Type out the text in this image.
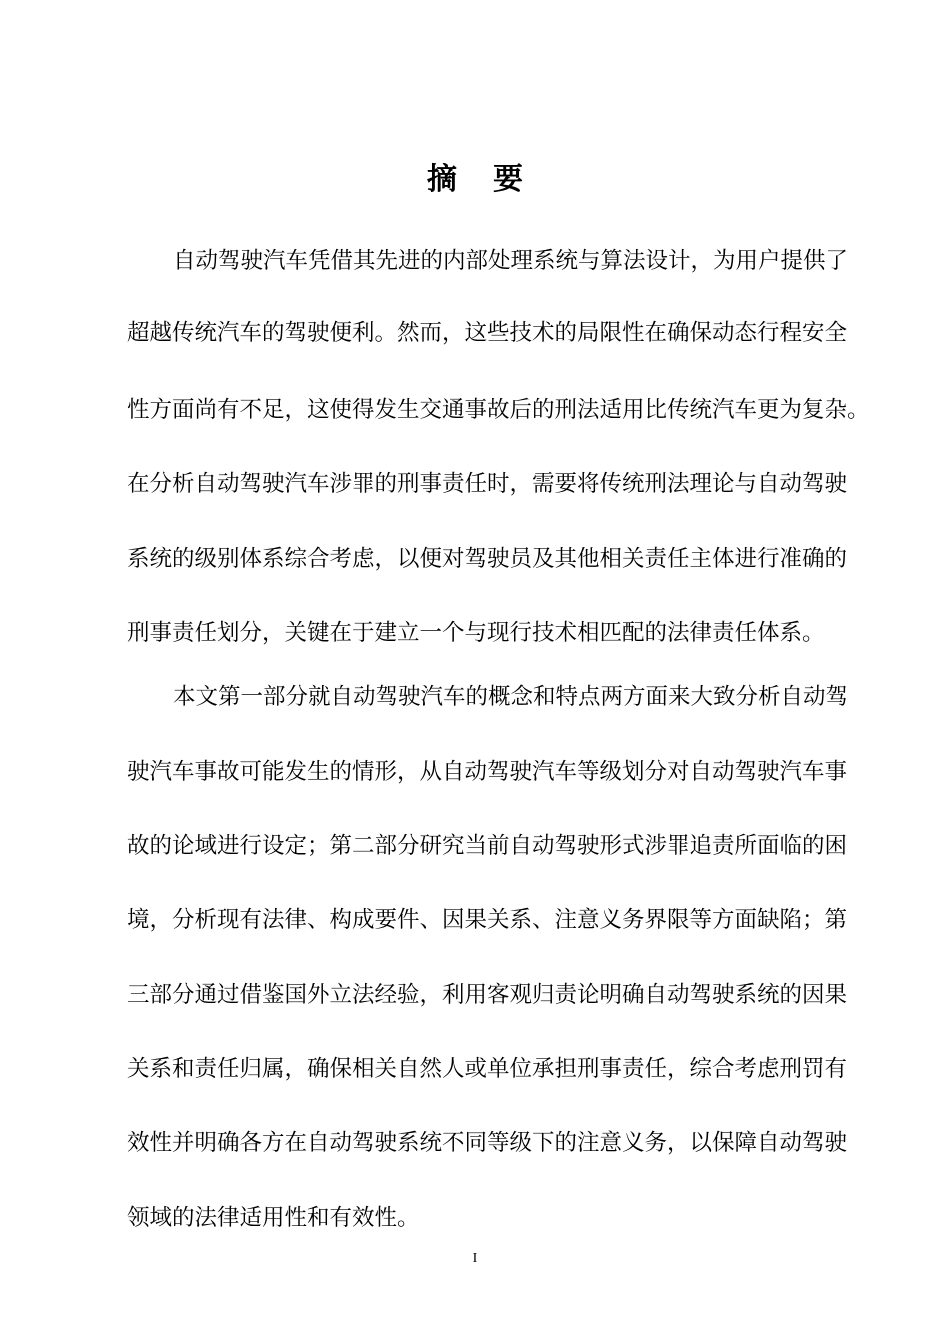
摘要
自动驾驶汽车凭借其先进的内部处理系统与算法设计，为用户提供了
超越传统汽车的驾驶便利。然而，这些技术的局限性在确保动态行程安全
性方面尚有不足，这使得发生交通事故后的刑法适用比传统汽车更为复杂。
在分析自动驾驶汽车涉罪的刑事责任时，需要将传统刑法理论与自动驾驶
系统的级别体系综合考虑，以便对驾驶员及其他相关责任主体进行准确的
刑事责任划分，关键在于建立一个与现行技术相匹配的法律责任体系。
本文第一部分就自动驾驶汽车的概念和特点两方面来大致分析自动驾
驶汽车事故可能发生的情形，从自动驾驶汽车等级划分对自动驾驶汽车事
故的论域进行设定；第二部分研究当前自动驾驶形式涉罪追责所面临的困
境，分析现有法律、构成要件、因果关系、注意义务界限等方面缺陷；第
三部分通过借鉴国外立法经验，利用客观归责论明确自动驾驶系统的因果
关系和责任归属，确保相关自然人或单位承担刑事责任，综合考虑刑罚有
效性并明确各方在自动驾驶系统不同等级下的注意义务，以保障自动驾驶
领域的法律适用性和有效性。
I
